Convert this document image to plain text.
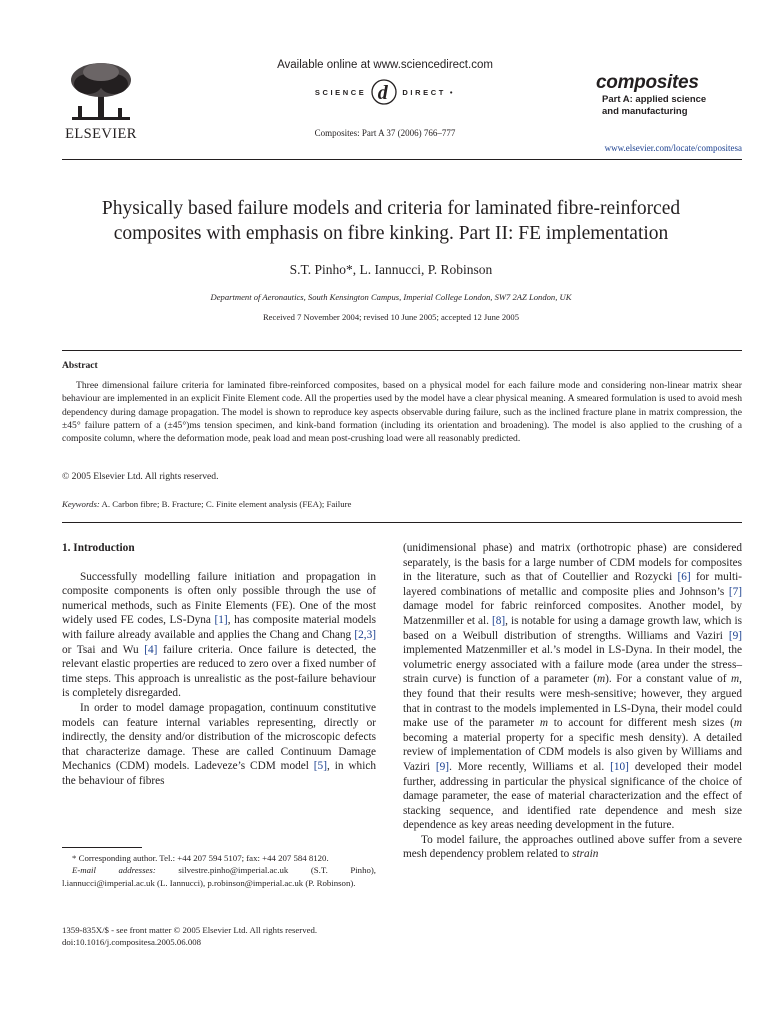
ELSEVIER
Available online at www.sciencedirect.com
SCIENCE d DIRECT •
Composites: Part A 37 (2006) 766–777
composites
Part A: applied science
and manufacturing
www.elsevier.com/locate/compositesa
Physically based failure models and criteria for laminated fibre-reinforced
composites with emphasis on fibre kinking. Part II: FE implementation
S.T. Pinho*, L. Iannucci, P. Robinson
Department of Aeronautics, South Kensington Campus, Imperial College London, SW7 2AZ London, UK
Received 7 November 2004; revised 10 June 2005; accepted 12 June 2005
Abstract
Three dimensional failure criteria for laminated fibre-reinforced composites, based on a physical model for each failure mode and considering non-linear matrix shear behaviour are implemented in an explicit Finite Element code. All the properties used by the model have a clear physical meaning. A smeared formulation is used to avoid mesh dependency during damage propagation. The model is shown to reproduce key aspects observable during failure, such as the inclined fracture plane in matrix compression, the ±45° failure pattern of a (±45°)ms tension specimen, and kink-band formation (including its orientation and broadening). The model is also applied to the crushing of a composite column, where the deformation mode, peak load and mean post-crushing load were all reasonably predicted.
© 2005 Elsevier Ltd. All rights reserved.
Keywords: A. Carbon fibre; B. Fracture; C. Finite element analysis (FEA); Failure
1. Introduction

Successfully modelling failure initiation and propagation in composite components is often only possible through the use of numerical methods, such as Finite Elements (FE). One of the most widely used FE codes, LS-Dyna [1], has composite material models with failure already available and applies the Chang and Chang [2,3] or Tsai and Wu [4] failure criteria. Once failure is detected, the relevant elastic properties are reduced to zero over a fixed number of time steps. This approach is unrealistic as the post-failure behaviour is completely disregarded.

In order to model damage propagation, continuum constitutive models can feature internal variables representing, directly or indirectly, the density and/or distribution of the microscopic defects that characterize damage. These are called Continuum Damage Mechanics (CDM) models. Ladeveze’s CDM model [5], in which the behaviour of fibres

* Corresponding author. Tel.: +44 207 594 5107; fax: +44 207 584 8120.

E-mail addresses: silvestre.pinho@imperial.ac.uk (S.T. Pinho), l.iannucci@imperial.ac.uk (L. Iannucci), p.robinson@imperial.ac.uk (P. Robinson).

1359-835X/$ - see front matter © 2005 Elsevier Ltd. All rights reserved.
doi:10.1016/j.compositesa.2005.06.008

(unidimensional phase) and matrix (orthotropic phase) are considered separately, is the basis for a large number of CDM models for composites in the literature, such as that of Coutellier and Rozycki [6] for multi-layered combinations of metallic and composite plies and Johnson’s [7] damage model for fabric reinforced composites. Another model, by Matzenmiller et al. [8], is notable for using a damage growth law, which is based on a Weibull distribution of strengths. Williams and Vaziri [9] implemented Matzenmiller et al.’s model in LS-Dyna. In their model, the volumetric energy associated with a failure mode (area under the stress–strain curve) is function of a parameter (m). For a constant value of m, they found that their results were mesh-sensitive; however, they argued that in contrast to the models implemented in LS-Dyna, their model could make use of the parameter m to account for different mesh sizes (m becoming a material property for a specific mesh density). A detailed review of implementation of CDM models is also given by Williams and Vaziri [9]. More recently, Williams et al. [10] developed their model further, addressing in particular the physical significance of the choice of damage parameter, the ease of material characterization and the effect of stacking sequence, and identified rate dependence and mesh size dependence as key areas needing development in the future.

To model failure, the approaches outlined above suffer from a severe mesh dependency problem related to strain
